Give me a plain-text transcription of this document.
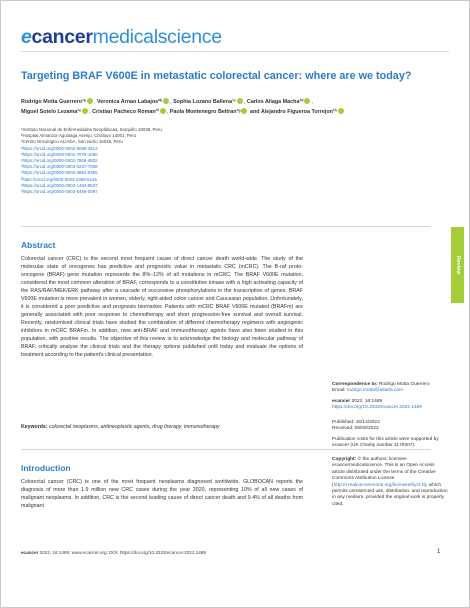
ecancermedicalscience
Targeting BRAF V600E in metastatic colorectal cancer: where are we today?
Rodrigo Motta Guerrero¹ᵃ , Veronica Arnao Labajos²ᵇ , Sophia Lozano Ballena¹ᶜ , Carlos Aliaga Macha¹ᵈ ,
Miguel Sotelo Lezama¹ᵉ , Cristian Pacheco Roman³ᶠ , Paola Montenegro Beltran¹ᵍ and Alejandro Figueroa Torrejon¹ʰ
¹Instituto Nacional de Enfermedades Neoplásicas, Surquillo 15038, Peru
²Hospital Almanzor Aguinaga Asenjo, Chiclayo 14001, Peru
³Centro Oncológico ALIADA, San Isidro 15036, Peru
ᵃhttps://orcid.org/0000-0002-8086-3513
ᵇhttps://orcid.org/0000-0001-7079-1050
ᶜhttps://orcid.org/0000-0002-7868-4802
ᵈhttps://orcid.org/0000-0003-0237-7058
ᵉhttps://orcid.org/0000-0003-4861-9355
ᶠhttps://orcid.org/0000-0003-2359-5126
ᵍhttps://orcid.org/0000-0003-1484-9537
ʰhttps://orcid.org/0000-0003-8466-0097
Abstract
Colorectal cancer (CRC) is the second most frequent cause of direct cancer death world-wide. The study of the molecular state of oncogenes has predictive and prognostic value in metastatic CRC (mCRC). The B-raf proto-oncogene (BRAF) gene mutation represents the 8%–12% of all mutations in mCRC. The BRAF V600E mutation, considered the most common alteration of BRAF, corresponds to a constitutive kinase with a high activating capacity of the RAS/RAF/MEK/ERK pathway after a cascade of successive phosphorylations in the transcription of genes. BRAF V600E mutation is more prevalent in women, elderly, right-sided colon cancer and Caucasian population. Unfortunately, it is considered a poor predictive and prognosis biomarker. Patients with mCRC BRAF V600E mutated (BRAFm) are generally associated with poor response to chemotherapy and short progression-free survival and overall survival. Recently, randomised clinical trials have studied the combination of different chemotherapy regimens with angiogenic inhibitors in mCRC BRAFm. In addition, new anti-BRAF and immunotherapy agents have also been studied in this population, with positive results. The objective of this review is to acknowledge the biology and molecular pathway of BRAF, critically analyse the clinical trials and the therapy options published until today and evaluate the options of treatment according to the patient's clinical presentation.
Keywords: colorectal neoplasms, antineoplastic agents, drug therapy, immunotherapy
Introduction
Colorectal cancer (CRC) is one of the most frequent neoplasms diagnosed worldwide. GLOBOCAN reports the diagnosis of more than 1.9 million new CRC cases during the year 2020, representing 10% of all new cases of malignant neoplasms. In addition, CRC is the second leading cause of direct cancer death and 9.4% of all deaths from malignant
Review
Correspondence to: Rodrigo Motta Guerrero
Email: rodrigo.motta@aliada.com
ecancer 2022, 16:1489
https://doi.org/10.3332/ecancer.2022.1489
Published: 15/12/2022
Received: 05/09/2022
Publication costs for this article were supported by ecancer (UK Charity number 1176307).
Copyright: © the authors; licensee ecancermedicalscience. This is an Open Access article distributed under the terms of the Creative Commons Attribution License (http://creativecommons.org/licenses/by/4.0), which permits unrestricted use, distribution, and reproduction in any medium, provided the original work is properly cited.
ecancer 2022, 16:1489; www.ecancer.org; DOI: https://doi.org/10.3332/ecancer.2022.1489	1
